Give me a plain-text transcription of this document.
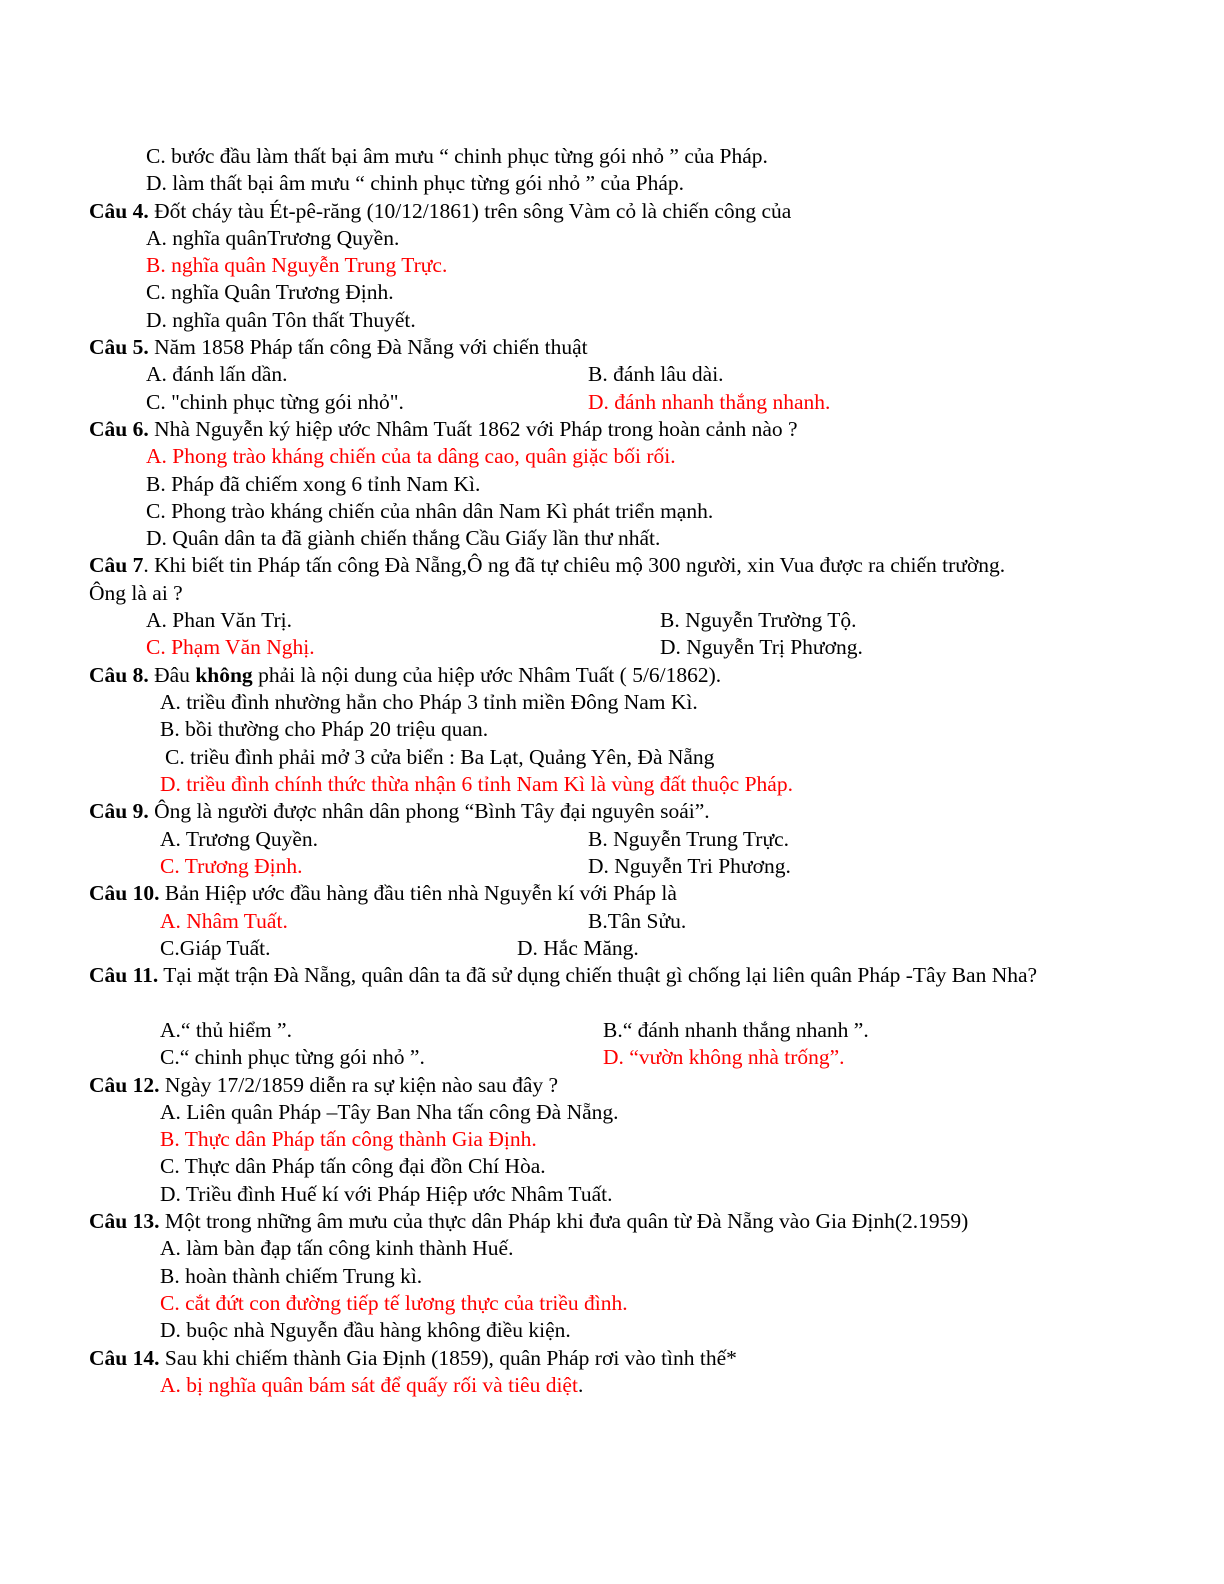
C. bước đầu làm thất bại âm mưu “ chinh phục từng gói nhỏ ” của Pháp.
D. làm thất bại âm mưu “ chinh phục từng gói nhỏ ” của Pháp.
Câu 4. Đốt cháy tàu Ét-pê-răng (10/12/1861) trên sông Vàm cỏ là chiến công của
A. nghĩa quânTrương Quyền.
B. nghĩa quân Nguyễn Trung Trực.
C. nghĩa Quân Trương Định.
D. nghĩa quân Tôn thất Thuyết.
Câu 5. Năm 1858 Pháp tấn công Đà Nẵng với chiến thuật
A. đánh lấn dần.	B. đánh lâu dài.
C. "chinh phục từng gói nhỏ".	D. đánh nhanh thắng nhanh.
Câu 6. Nhà Nguyễn ký hiệp ước Nhâm Tuất 1862 với Pháp trong hoàn cảnh nào ?
A. Phong trào kháng chiến của ta dâng cao, quân giặc bối rối.
B. Pháp đã chiếm xong 6 tỉnh Nam Kì.
C. Phong trào kháng chiến của nhân dân Nam Kì phát triển mạnh.
D. Quân dân ta đã giành chiến thắng Cầu Giấy lần thư nhất.
Câu 7. Khi biết tin Pháp tấn công Đà Nẵng,Ô ng đã tự chiêu mộ 300 người, xin Vua được ra chiến trường.
Ông là ai ?
A. Phan Văn Trị.	B. Nguyễn Trường Tộ.
C. Phạm Văn Nghị.	D. Nguyễn Trị Phương.
Câu 8. Đâu không phải là nội dung của hiệp ước Nhâm Tuất ( 5/6/1862).
A. triều đình nhường hẳn cho Pháp 3 tỉnh miền Đông Nam Kì.
B. bồi thường cho Pháp 20 triệu quan.
C. triều đình phải mở 3 cửa biển : Ba Lạt, Quảng Yên, Đà Nẵng
D. triều đình chính thức thừa nhận 6 tỉnh Nam Kì là vùng đất thuộc Pháp.
Câu 9. Ông là người được nhân dân phong “Bình Tây đại nguyên soái”.
A. Trương Quyền.	B. Nguyễn Trung Trực.
C. Trương Định.	D. Nguyễn Tri Phương.
Câu 10. Bản Hiệp ước đầu hàng đầu tiên nhà Nguyễn kí với Pháp là
A. Nhâm Tuất.	B.Tân Sửu.
C.Giáp Tuất.	D. Hắc Măng.
Câu 11. Tại mặt trận Đà Nẵng, quân dân ta đã sử dụng chiến thuật gì chống lại liên quân Pháp -Tây Ban Nha?
A.“ thủ hiểm ”.	B.“ đánh nhanh thắng nhanh ”.
C.“ chinh phục từng gói nhỏ ”.	D. “vườn không nhà trống”.
Câu 12. Ngày 17/2/1859 diễn ra sự kiện nào sau đây ?
A. Liên quân Pháp –Tây Ban Nha tấn công Đà Nẵng.
B. Thực dân Pháp tấn công thành Gia Định.
C. Thực dân Pháp tấn công đại đồn Chí Hòa.
D. Triều đình Huế kí với Pháp Hiệp ước Nhâm Tuất.
Câu 13. Một trong những âm mưu của thực dân Pháp khi đưa quân từ Đà Nẵng vào Gia Định(2.1959)
A. làm bàn đạp tấn công kinh thành Huế.
B. hoàn thành chiếm Trung kì.
C. cắt đứt con đường tiếp tế lương thực của triều đình.
D. buộc nhà Nguyễn đầu hàng không điều kiện.
Câu 14. Sau khi chiếm thành Gia Định (1859), quân Pháp rơi vào tình thế*
A. bị nghĩa quân bám sát để quấy rối và tiêu diệt.
